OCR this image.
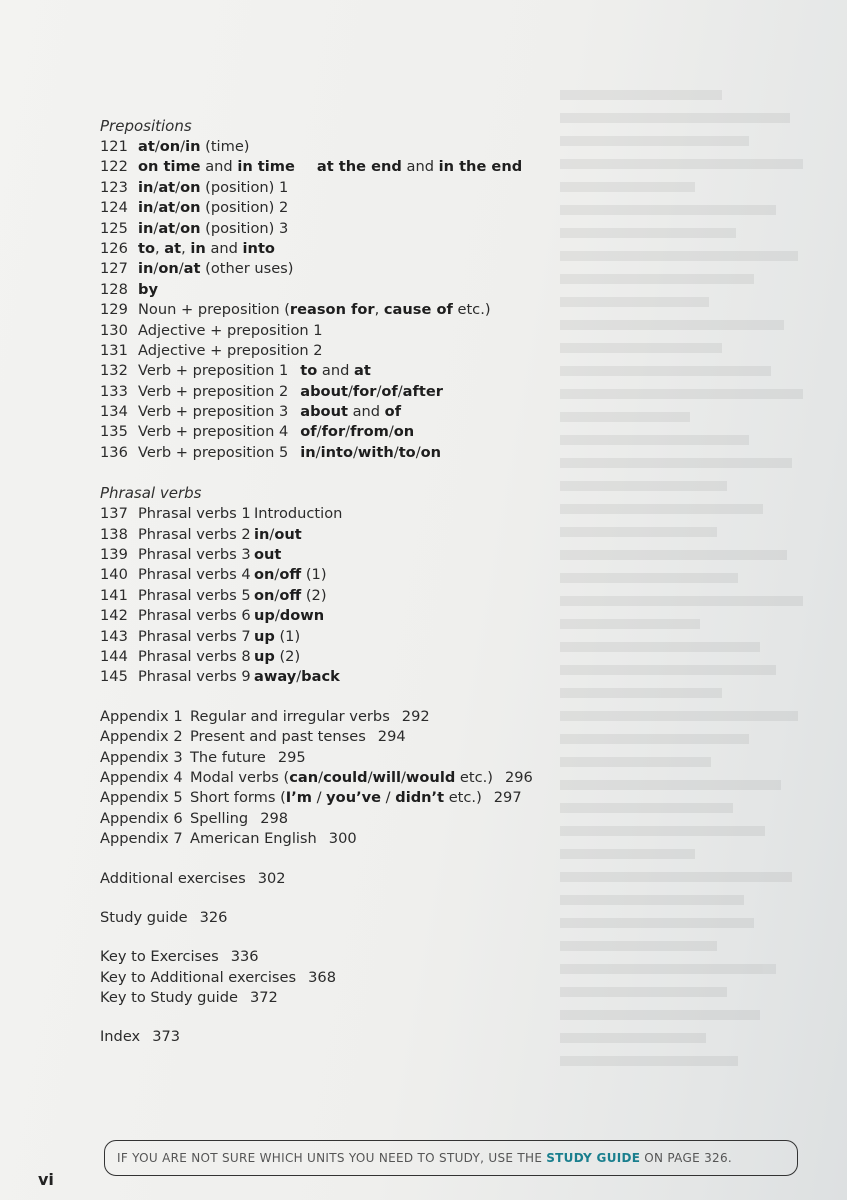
Prepositions
121 at/on/in (time)
122 on time and in time at the end and in the end
123 in/at/on (position) 1
124 in/at/on (position) 2
125 in/at/on (position) 3
126 to, at, in and into
127 in/on/at (other uses)
128 by
129 Noun + preposition (reason for, cause of etc.)
130 Adjective + preposition 1
131 Adjective + preposition 2
132 Verb + preposition 1 to and at
133 Verb + preposition 2 about/for/of/after
134 Verb + preposition 3 about and of
135 Verb + preposition 4 of/for/from/on
136 Verb + preposition 5 in/into/with/to/on
Phrasal verbs
137 Phrasal verbs 1 Introduction
138 Phrasal verbs 2 in/out
139 Phrasal verbs 3 out
140 Phrasal verbs 4 on/off (1)
141 Phrasal verbs 5 on/off (2)
142 Phrasal verbs 6 up/down
143 Phrasal verbs 7 up (1)
144 Phrasal verbs 8 up (2)
145 Phrasal verbs 9 away/back
Appendix 1 Regular and irregular verbs 292
Appendix 2 Present and past tenses 294
Appendix 3 The future 295
Appendix 4 Modal verbs (can/could/will/would etc.) 296
Appendix 5 Short forms (I’m / you’ve / didn’t etc.) 297
Appendix 6 Spelling 298
Appendix 7 American English 300
Additional exercises 302
Study guide 326
Key to Exercises 336
Key to Additional exercises 368
Key to Study guide 372
Index 373
IF YOU ARE NOT SURE WHICH UNITS YOU NEED TO STUDY, USE THE STUDY GUIDE ON PAGE 326.
vi
